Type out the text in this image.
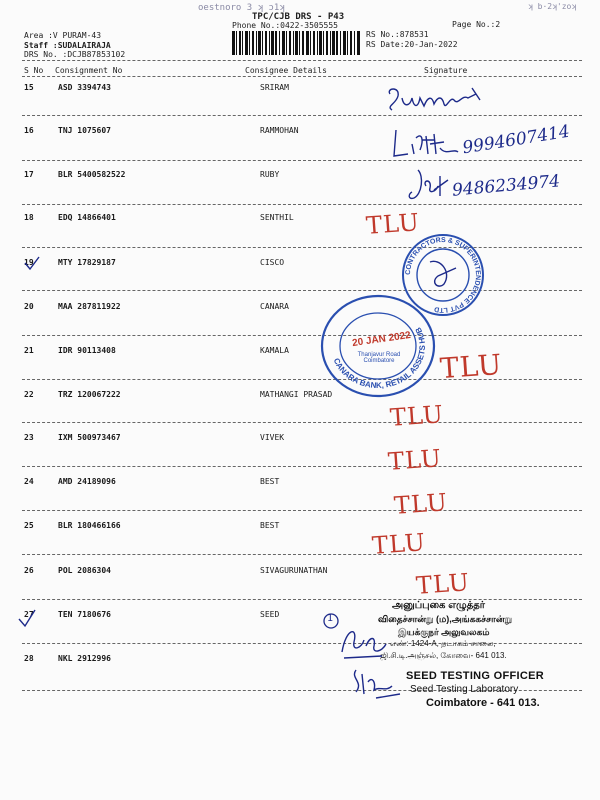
oestnoro 3 ʞ ɔ1ʞ	ʞ b·2ʞ'zoʞ
TPC/CJB DRS - P43
Phone No.:0422-3505555	Page No.:2
Area :V PURAM-43
Staff :SUDALAIRAJA
DRS No. :DCJB87853102
RS No.:878531
RS Date:20-Jan-2022
S No Consignment No	Consignee Details	Signature
15	ASD 3394743	SRIRAM
16	TNJ 1075607	RAMMOHAN
17	BLR 5400582522	RUBY
18	EDQ 14866401	SENTHIL
19	MTY 17829187	CISCO
20	MAA 287811922	CANARA
21	IDR 90113408	KAMALA
22	TRZ 120067222	MATHANGI PRASAD
23	IXM 500973467	VIVEK
24	AMD 24189096	BEST
25	BLR 180466166	BEST
26	POL 2086304	SIVAGURUNATHAN
27	TEN 7180676	SEED
28	NKL 2912996
9994607414
9486234974
TLU
TLU
TLU
TLU
TLU
TLU
TLU
CONTRACTORS & SUPERINTENDENCE PVT LTD
CANARA BANK, RETAIL ASSETS HUB
20 JAN 2022
Thanjavur Road Coimbatore
1
அனுப்புகை எழுத்தர்
விதைச்சான்று (ம),அங்ககச்சான்று
இயக்குநர் அலுவலகம்
எண்: 1424-A, தடாகம் சாலை,
ஜி.சி.டி.அஞ்சல், கோவை- 641 013.
SEED TESTING OFFICER
Seed Testing Laboratory
Coimbatore - 641 013.
